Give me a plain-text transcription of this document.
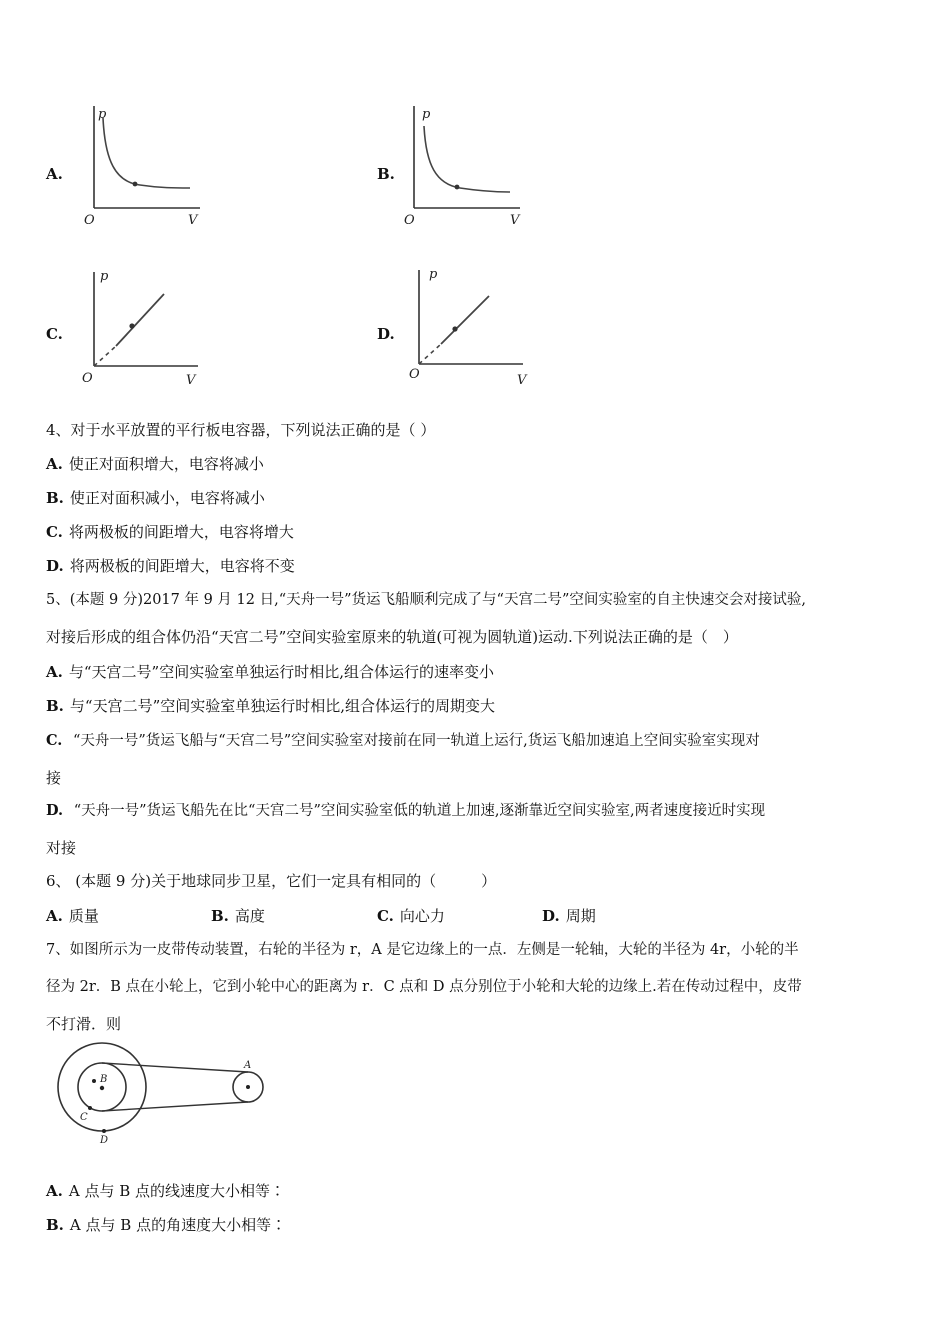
A.
p
V
O
B.
p
V
O
C.
p
V
O
D.
p
V
O
4、对于水平放置的平行板电容器，下列说法正确的是（ ）
A. 使正对面积增大，电容将减小
B. 使正对面积减小，电容将减小
C. 将两极板的间距增大，电容将增大
D. 将两极板的间距增大，电容将不变
5、(本题 9 分)2017 年 9 月 12 日,“天舟一号”货运飞船顺利完成了与“天宫二号”空间实验室的自主快速交会对接试验,
对接后形成的组合体仍沿“天宫二号”空间实验室原来的轨道(可视为圆轨道)运动.下列说法正确的是（　）
A. 与“天宫二号”空间实验室单独运行时相比,组合体运行的速率变小
B. 与“天宫二号”空间实验室单独运行时相比,组合体运行的周期变大
C. “天舟一号”货运飞船与“天宫二号”空间实验室对接前在同一轨道上运行,货运飞船加速追上空间实验室实现对
接
D. “天舟一号”货运飞船先在比“天宫二号”空间实验室低的轨道上加速,逐渐靠近空间实验室,两者速度接近时实现
对接
6、 (本题 9 分)关于地球同步卫星，它们一定具有相同的（　　　）
A. 质量	B. 高度	C. 向心力	D. 周期
7、如图所示为一皮带传动装置，右轮的半径为 r，A 是它边缘上的一点．左侧是一轮轴，大轮的半径为 4r，小轮的半
径为 2r．B 点在小轮上，它到小轮中心的距离为 r．C 点和 D 点分别位于小轮和大轮的边缘上.若在传动过程中，皮带
不打滑．则
A
B
C
D
A. A 点与 B 点的线速度大小相等∶
B. A 点与 B 点的角速度大小相等∶
